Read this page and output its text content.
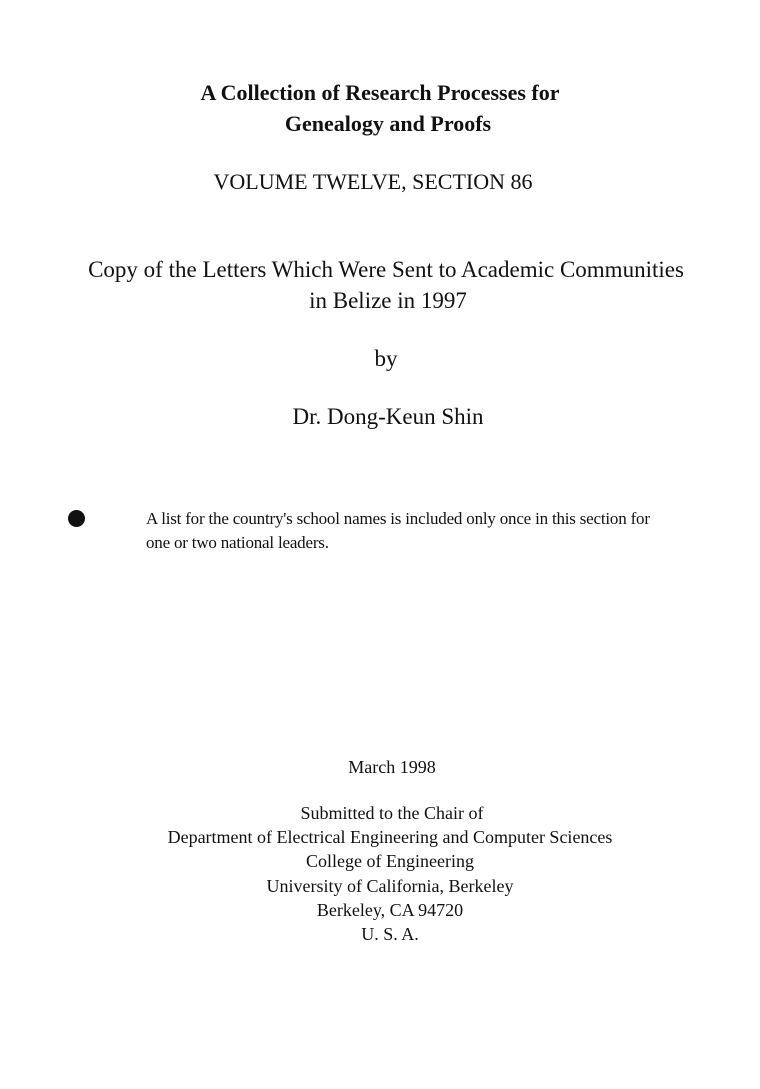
A Collection of Research Processes for
Genealogy and Proofs
VOLUME TWELVE, SECTION 86
Copy of the Letters Which Were Sent to Academic Communities
in Belize in 1997
by
Dr. Dong-Keun Shin
A list for the country's school names is included only once in this section for
one or two national leaders.
March 1998
Submitted to the Chair of
Department of Electrical Engineering and Computer Sciences
College of Engineering
University of California, Berkeley
Berkeley, CA 94720
U. S. A.
